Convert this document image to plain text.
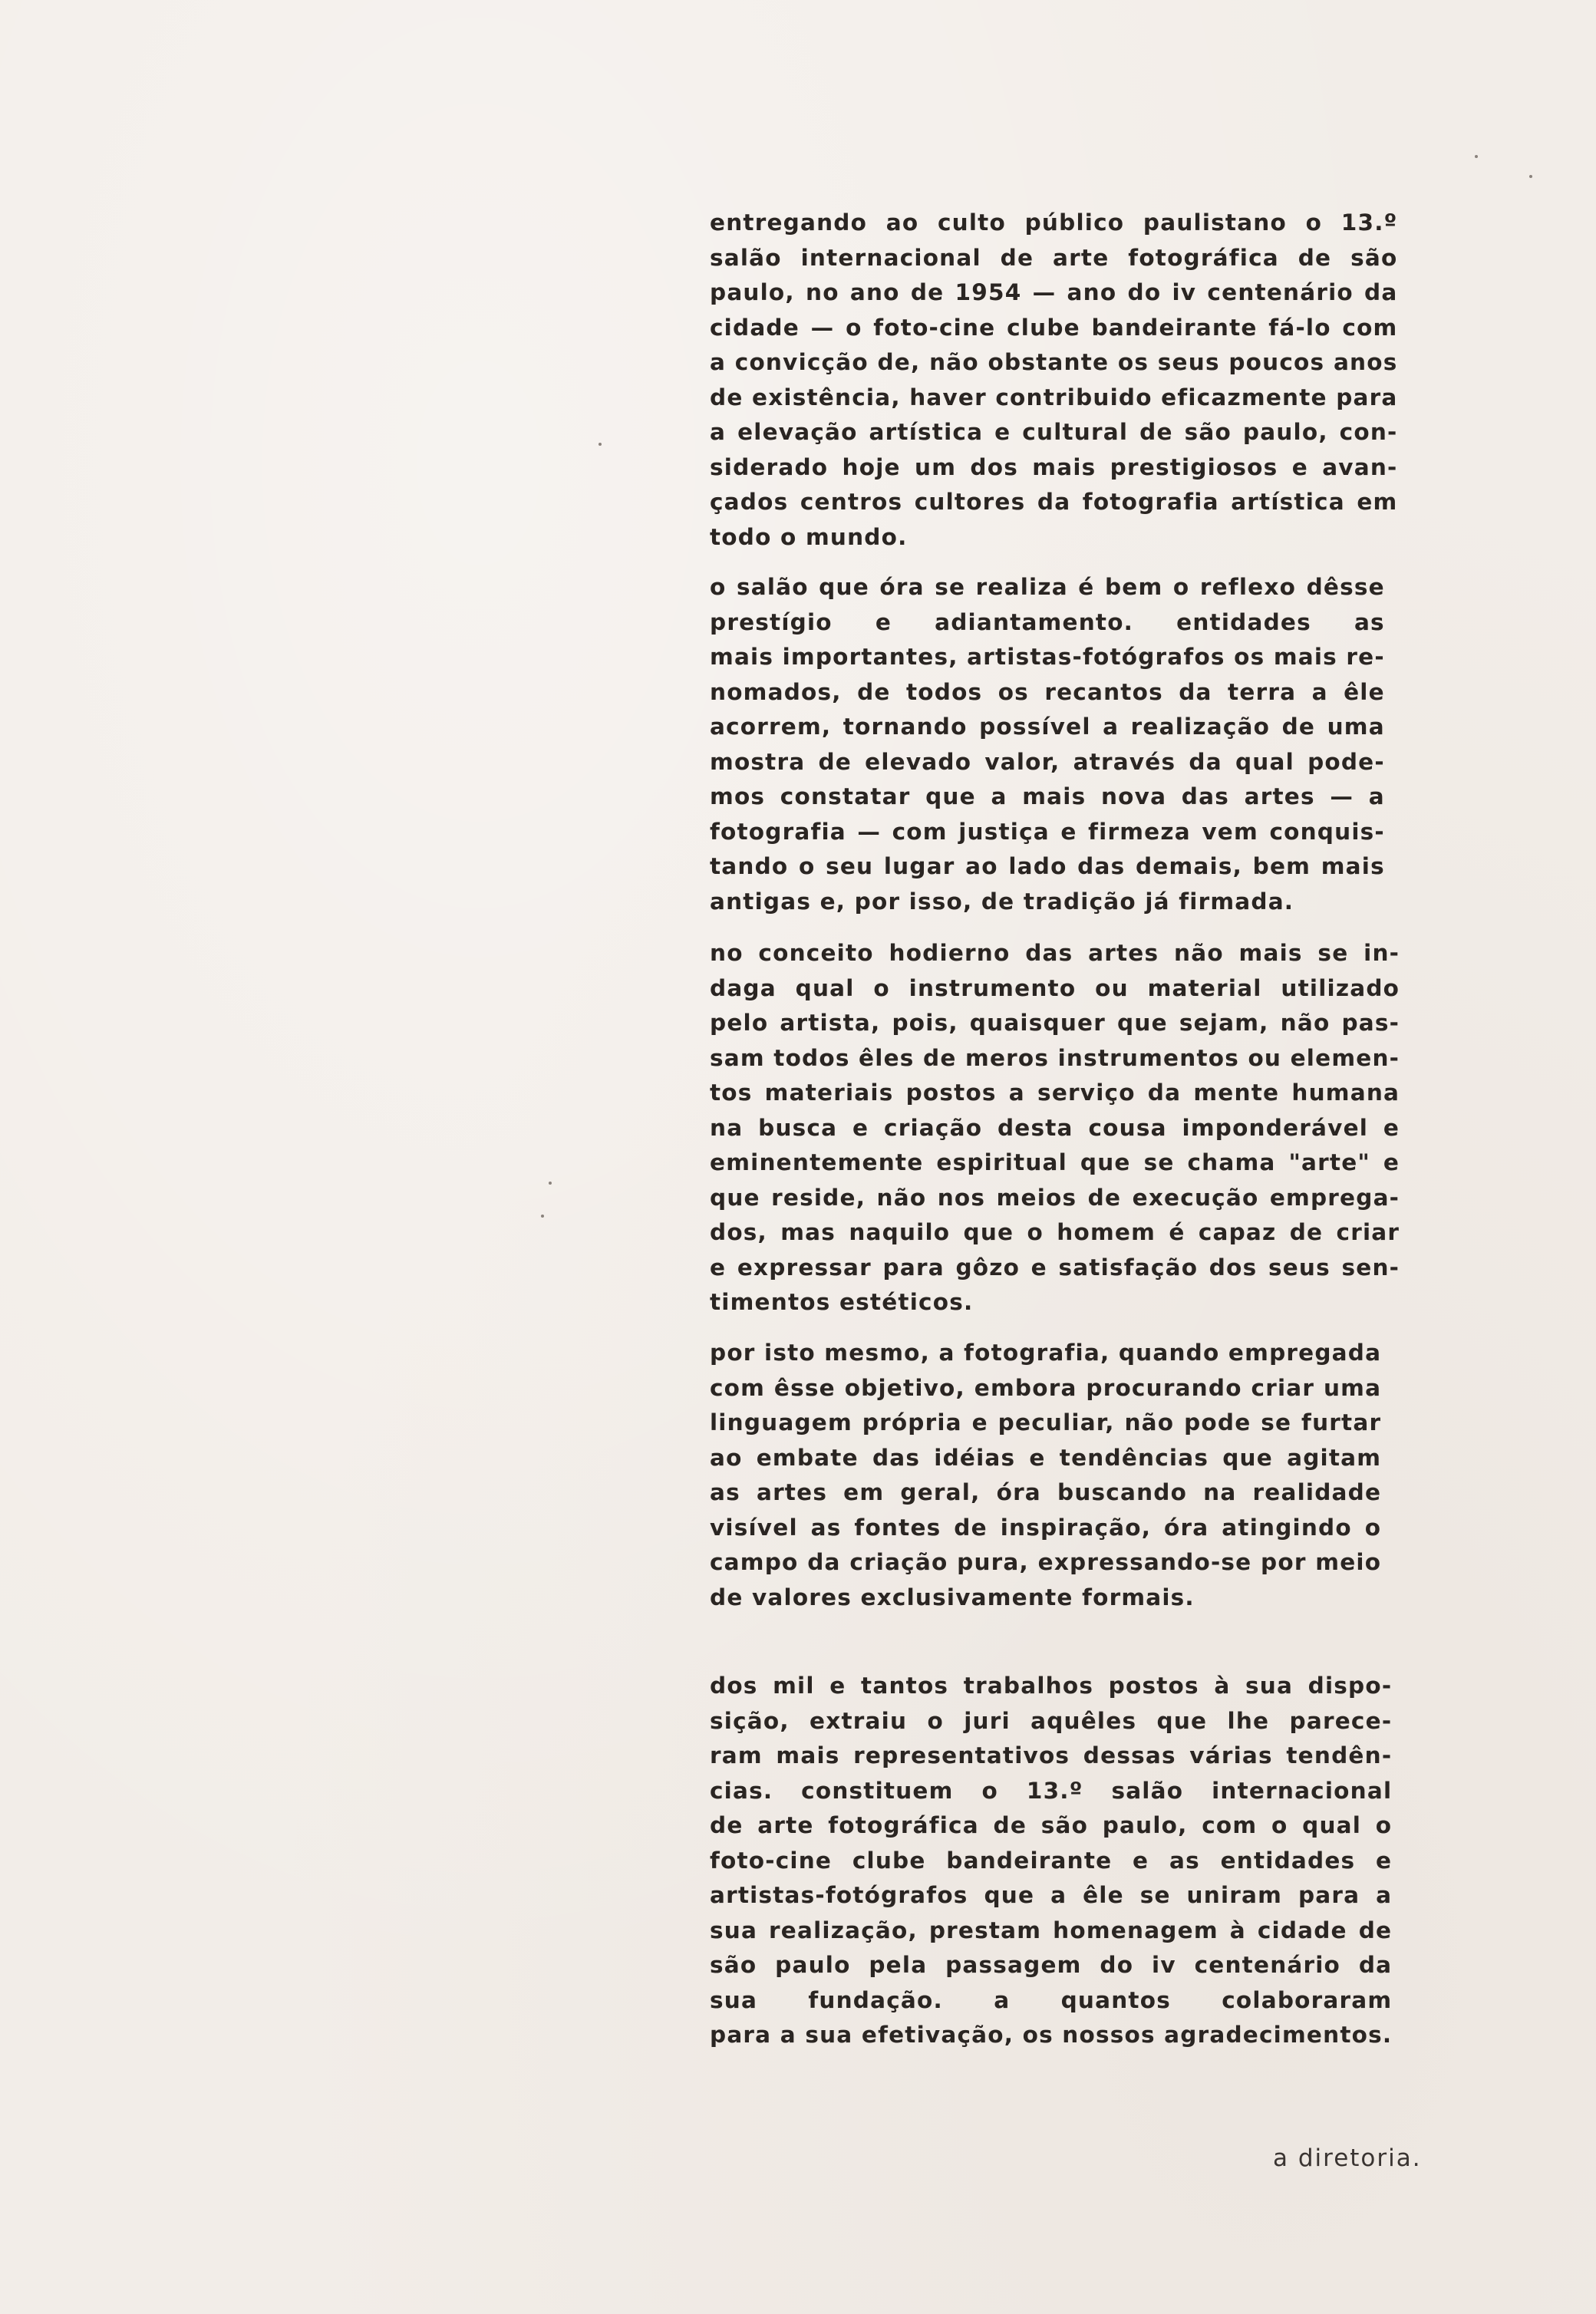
entregando ao culto público paulistano o 13.º
salão internacional de arte fotográfica de são
paulo, no ano de 1954 — ano do iv centenário da
cidade — o foto-cine clube bandeirante fá-lo com
a convicção de, não obstante os seus poucos anos
de existência, haver contribuido eficazmente para
a elevação artística e cultural de são paulo, con-
siderado hoje um dos mais prestigiosos e avan-
çados centros cultores da fotografia artística em
todo o mundo.

o salão que óra se realiza é bem o reflexo dêsse
prestígio e adiantamento. entidades as
mais importantes, artistas-fotógrafos os mais re-
nomados, de todos os recantos da terra a êle
acorrem, tornando possível a realização de uma
mostra de elevado valor, através da qual pode-
mos constatar que a mais nova das artes — a
fotografia — com justiça e firmeza vem conquis-
tando o seu lugar ao lado das demais, bem mais
antigas e, por isso, de tradição já firmada.

no conceito hodierno das artes não mais se in-
daga qual o instrumento ou material utilizado
pelo artista, pois, quaisquer que sejam, não pas-
sam todos êles de meros instrumentos ou elemen-
tos materiais postos a serviço da mente humana
na busca e criação desta cousa imponderável e
eminentemente espiritual que se chama "arte" e
que reside, não nos meios de execução emprega-
dos, mas naquilo que o homem é capaz de criar
e expressar para gôzo e satisfação dos seus sen-
timentos estéticos.

por isto mesmo, a fotografia, quando empregada
com êsse objetivo, embora procurando criar uma
linguagem própria e peculiar, não pode se furtar
ao embate das idéias e tendências que agitam
as artes em geral, óra buscando na realidade
visível as fontes de inspiração, óra atingindo o
campo da criação pura, expressando-se por meio
de valores exclusivamente formais.

dos mil e tantos trabalhos postos à sua dispo-
sição, extraiu o juri aquêles que lhe parece-
ram mais representativos dessas várias tendên-
cias. constituem o 13.º salão internacional
de arte fotográfica de são paulo, com o qual o
foto-cine clube bandeirante e as entidades e
artistas-fotógrafos que a êle se uniram para a
sua realização, prestam homenagem à cidade de
são paulo pela passagem do iv centenário da
sua fundação. a quantos colaboraram
para a sua efetivação, os nossos agradecimentos.

a diretoria.
